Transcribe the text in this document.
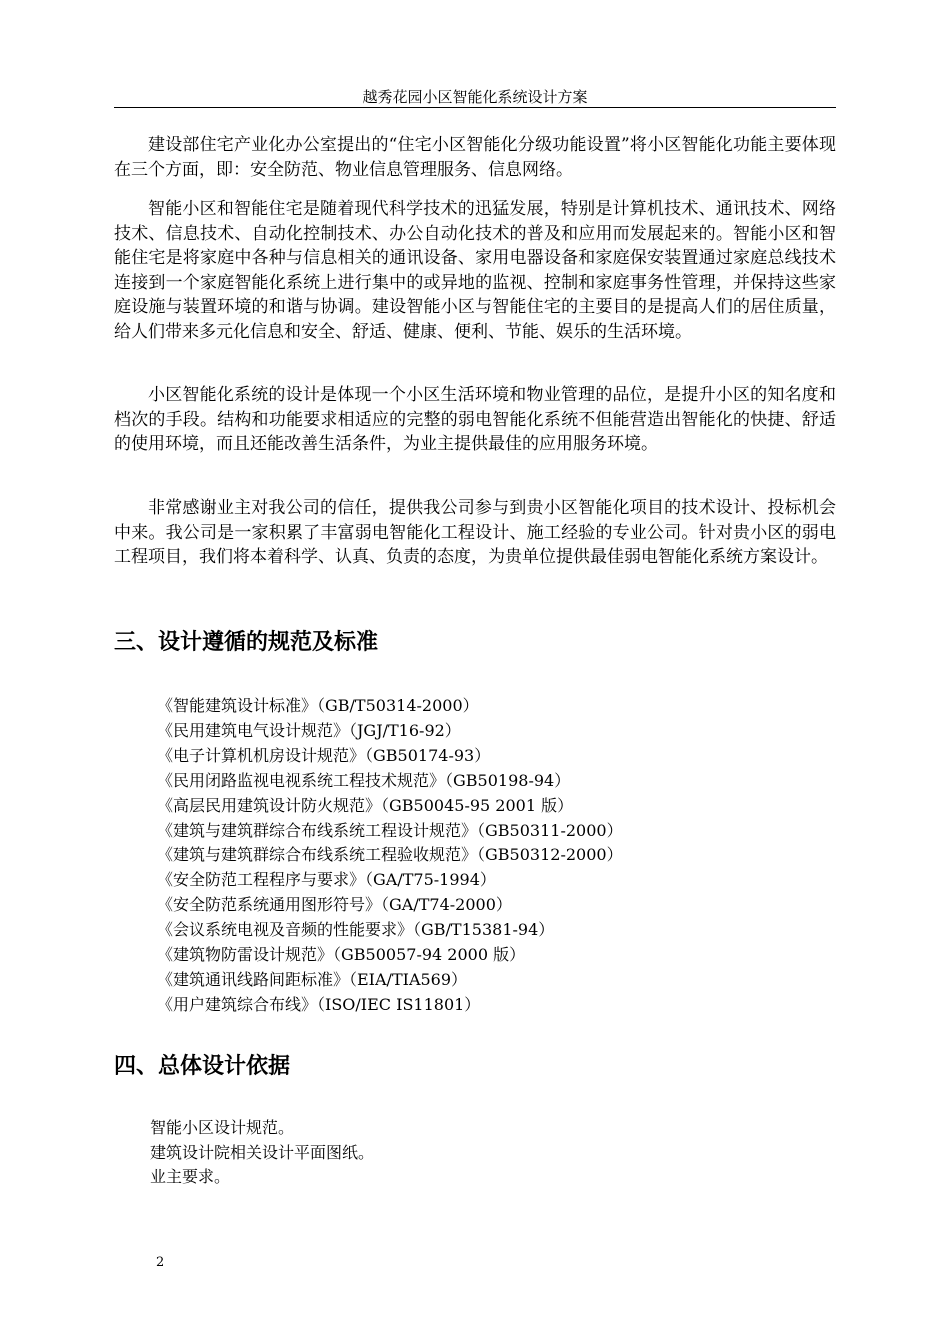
越秀花园小区智能化系统设计方案

建设部住宅产业化办公室提出的“住宅小区智能化分级功能设置”将小区智能化功能主要体现在三个方面，即：安全防范、物业信息管理服务、信息网络。

智能小区和智能住宅是随着现代科学技术的迅猛发展，特别是计算机技术、通讯技术、网络技术、信息技术、自动化控制技术、办公自动化技术的普及和应用而发展起来的。智能小区和智能住宅是将家庭中各种与信息相关的通讯设备、家用电器设备和家庭保安装置通过家庭总线技术连接到一个家庭智能化系统上进行集中的或异地的监视、控制和家庭事务性管理，并保持这些家庭设施与装置环境的和谐与协调。建设智能小区与智能住宅的主要目的是提高人们的居住质量，给人们带来多元化信息和安全、舒适、健康、便利、节能、娱乐的生活环境。

小区智能化系统的设计是体现一个小区生活环境和物业管理的品位，是提升小区的知名度和档次的手段。结构和功能要求相适应的完整的弱电智能化系统不但能营造出智能化的快捷、舒适的使用环境，而且还能改善生活条件，为业主提供最佳的应用服务环境。

非常感谢业主对我公司的信任，提供我公司参与到贵小区智能化项目的技术设计、投标机会中来。我公司是一家积累了丰富弱电智能化工程设计、施工经验的专业公司。针对贵小区的弱电工程项目，我们将本着科学、认真、负责的态度，为贵单位提供最佳弱电智能化系统方案设计。

三、设计遵循的规范及标准
《智能建筑设计标准》（GB/T50314-2000）
《民用建筑电气设计规范》（JGJ/T16-92）
《电子计算机机房设计规范》（GB50174-93）
《民用闭路监视电视系统工程技术规范》（GB50198-94）
《高层民用建筑设计防火规范》（GB50045-95 2001 版）
《建筑与建筑群综合布线系统工程设计规范》（GB50311-2000）
《建筑与建筑群综合布线系统工程验收规范》（GB50312-2000）
《安全防范工程程序与要求》（GA/T75-1994）
《安全防范系统通用图形符号》（GA/T74-2000）
《会议系统电视及音频的性能要求》（GB/T15381-94）
《建筑物防雷设计规范》（GB50057-94 2000 版）
《建筑通讯线路间距标准》（EIA/TIA569）
《用户建筑综合布线》（ISO/IEC IS11801）
四、总体设计依据
智能小区设计规范。
建筑设计院相关设计平面图纸。
业主要求。
2
